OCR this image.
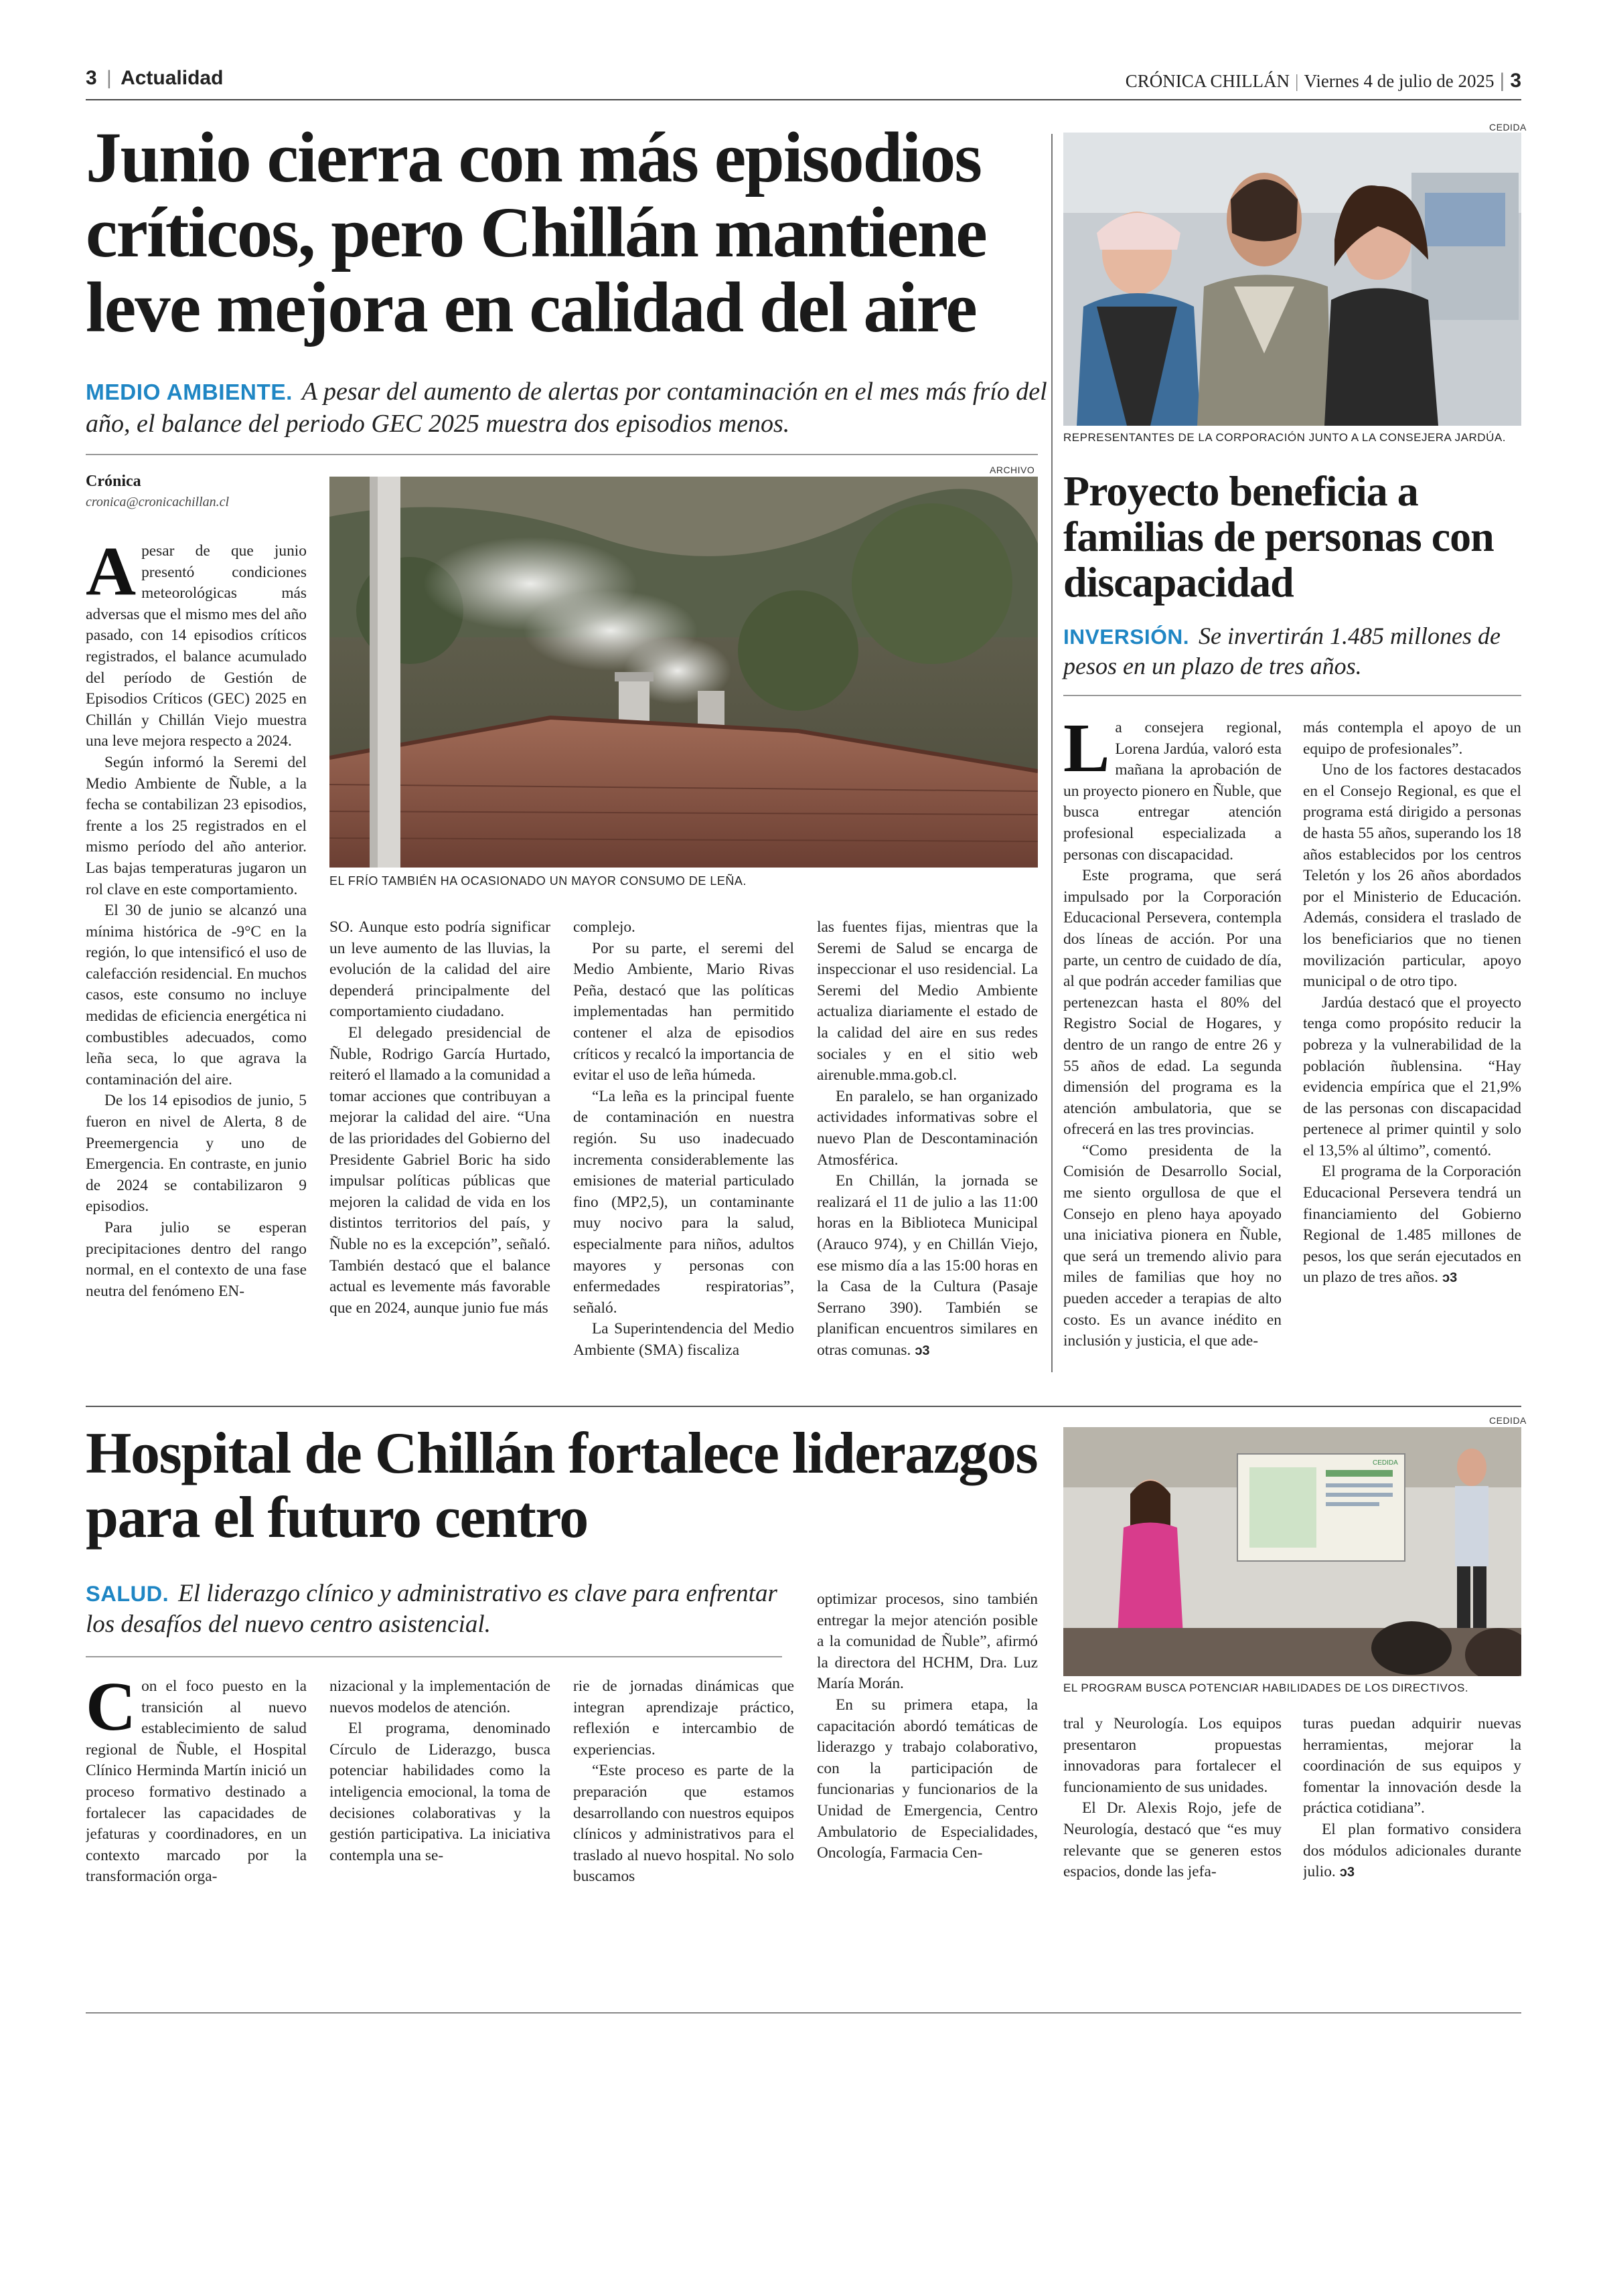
3 | Actualidad	CRÓNICA CHILLÁN | Viernes 4 de julio de 2025 | 3
Junio cierra con más episodios críticos, pero Chillán mantiene leve mejora en calidad del aire
MEDIO AMBIENTE. A pesar del aumento de alertas por contaminación en el mes más frío del año, el balance del periodo GEC 2025 muestra dos episodios menos.
Crónica
cronica@cronicachillan.cl
ARCHIVO
EL FRÍO TAMBIÉN HA OCASIONADO UN MAYOR CONSUMO DE LEÑA.
A pesar de que junio presentó condiciones meteorológicas más adversas que el mismo mes del año pasado, con 14 episodios críticos registrados, el balance acumulado del período de Gestión de Episodios Críticos (GEC) 2025 en Chillán y Chillán Viejo muestra una leve mejora respecto a 2024.

Según informó la Seremi del Medio Ambiente de Ñuble, a la fecha se contabilizan 23 episodios, frente a los 25 registrados en el mismo período del año anterior. Las bajas temperaturas jugaron un rol clave en este comportamiento.

El 30 de junio se alcanzó una mínima histórica de -9°C en la región, lo que intensificó el uso de calefacción residencial. En muchos casos, este consumo no incluye medidas de eficiencia energética ni combustibles adecuados, como leña seca, lo que agrava la contaminación del aire.

De los 14 episodios de junio, 5 fueron en nivel de Alerta, 8 de Preemergencia y uno de Emergencia. En contraste, en junio de 2024 se contabilizaron 9 episodios.

Para julio se esperan precipitaciones dentro del rango normal, en el contexto de una fase neutra del fenómeno EN-

SO. Aunque esto podría significar un leve aumento de las lluvias, la evolución de la calidad del aire dependerá principalmente del comportamiento ciudadano.

El delegado presidencial de Ñuble, Rodrigo García Hurtado, reiteró el llamado a la comunidad a tomar acciones que contribuyan a mejorar la calidad del aire. “Una de las prioridades del Gobierno del Presidente Gabriel Boric ha sido impulsar políticas públicas que mejoren la calidad de vida en los distintos territorios del país, y Ñuble no es la excepción”, señaló. También destacó que el balance actual es levemente más favorable que en 2024, aunque junio fue más

complejo.

Por su parte, el seremi del Medio Ambiente, Mario Rivas Peña, destacó que las políticas implementadas han permitido contener el alza de episodios críticos y recalcó la importancia de evitar el uso de leña húmeda.

“La leña es la principal fuente de contaminación en nuestra región. Su uso inadecuado incrementa considerablemente las emisiones de material particulado fino (MP2,5), un contaminante muy nocivo para la salud, especialmente para niños, adultos mayores y personas con enfermedades respiratorias”, señaló.

La Superintendencia del Medio Ambiente (SMA) fiscaliza

las fuentes fijas, mientras que la Seremi de Salud se encarga de inspeccionar el uso residencial. La Seremi del Medio Ambiente actualiza diariamente el estado de la calidad del aire en sus redes sociales y en el sitio web airenuble.mma.gob.cl.

En paralelo, se han organizado actividades informativas sobre el nuevo Plan de Descontaminación Atmosférica.

En Chillán, la jornada se realizará el 11 de julio a las 11:00 horas en la Biblioteca Municipal (Arauco 974), y en Chillán Viejo, ese mismo día a las 15:00 horas en la Casa de la Cultura (Pasaje Serrano 390). También se planifican encuentros similares en otras comunas. ↄ3

CEDIDA
REPRESENTANTES DE LA CORPORACIÓN JUNTO A LA CONSEJERA JARDÚA.
Proyecto beneficia a familias de personas con discapacidad
INVERSIÓN. Se invertirán 1.485 millones de pesos en un plazo de tres años.
L a consejera regional, Lorena Jardúa, valoró esta mañana la aprobación de un proyecto pionero en Ñuble, que busca entregar atención profesional especializada a personas con discapacidad.

Este programa, que será impulsado por la Corporación Educacional Persevera, contempla dos líneas de acción. Por una parte, un centro de cuidado de día, al que podrán acceder familias que pertenezcan hasta el 80% del Registro Social de Hogares, y dentro de un rango de entre 26 y 55 años de edad. La segunda dimensión del programa es la atención ambulatoria, que se ofrecerá en las tres provincias.

“Como presidenta de la Comisión de Desarrollo Social, me siento orgullosa de que el Consejo en pleno haya apoyado una iniciativa pionera en Ñuble, que será un tremendo alivio para miles de familias que hoy no pueden acceder a terapias de alto costo. Es un avance inédito en inclusión y justicia, el que ade-

más contempla el apoyo de un equipo de profesionales”.

Uno de los factores destacados en el Consejo Regional, es que el programa está dirigido a personas de hasta 55 años, superando los 18 años establecidos por los centros Teletón y los 26 años abordados por el Ministerio de Educación. Además, considera el traslado de los beneficiarios que no tienen movilización particular, apoyo municipal o de otro tipo.

Jardúa destacó que el proyecto tenga como propósito reducir la pobreza y la vulnerabilidad de la población ñublensina. “Hay evidencia empírica que el 21,9% de las personas con discapacidad pertenece al primer quintil y solo el 13,5% al último”, comentó.

El programa de la Corporación Educacional Persevera tendrá un financiamiento del Gobierno Regional de 1.485 millones de pesos, los que serán ejecutados en un plazo de tres años. ↄ3

Hospital de Chillán fortalece liderazgos para el futuro centro
SALUD. El liderazgo clínico y administrativo es clave para enfrentar los desafíos del nuevo centro asistencial.
CEDIDA
CEDIDA
EL PROGRAM BUSCA POTENCIAR HABILIDADES DE LOS DIRECTIVOS.
C on el foco puesto en la transición al nuevo establecimiento de salud regional de Ñuble, el Hospital Clínico Herminda Martín inició un proceso formativo destinado a fortalecer las capacidades de jefaturas y coordinadores, en un contexto marcado por la transformación orga-

nizacional y la implementación de nuevos modelos de atención.

El programa, denominado Círculo de Liderazgo, busca potenciar habilidades como la inteligencia emocional, la toma de decisiones colaborativas y la gestión participativa. La iniciativa contempla una se-

rie de jornadas dinámicas que integran aprendizaje práctico, reflexión e intercambio de experiencias.

“Este proceso es parte de la preparación que estamos desarrollando con nuestros equipos clínicos y administrativos para el traslado al nuevo hospital. No solo buscamos

optimizar procesos, sino también entregar la mejor atención posible a la comunidad de Ñuble”, afirmó la directora del HCHM, Dra. Luz María Morán.

En su primera etapa, la capacitación abordó temáticas de liderazgo y trabajo colaborativo, con la participación de funcionarias y funcionarios de la Unidad de Emergencia, Centro Ambulatorio de Especialidades, Oncología, Farmacia Cen-

tral y Neurología. Los equipos presentaron propuestas innovadoras para fortalecer el funcionamiento de sus unidades.

El Dr. Alexis Rojo, jefe de Neurología, destacó que “es muy relevante que se generen estos espacios, donde las jefa-

turas puedan adquirir nuevas herramientas, mejorar la coordinación de sus equipos y fomentar la innovación desde la práctica cotidiana”.

El plan formativo considera dos módulos adicionales durante julio. ↄ3
